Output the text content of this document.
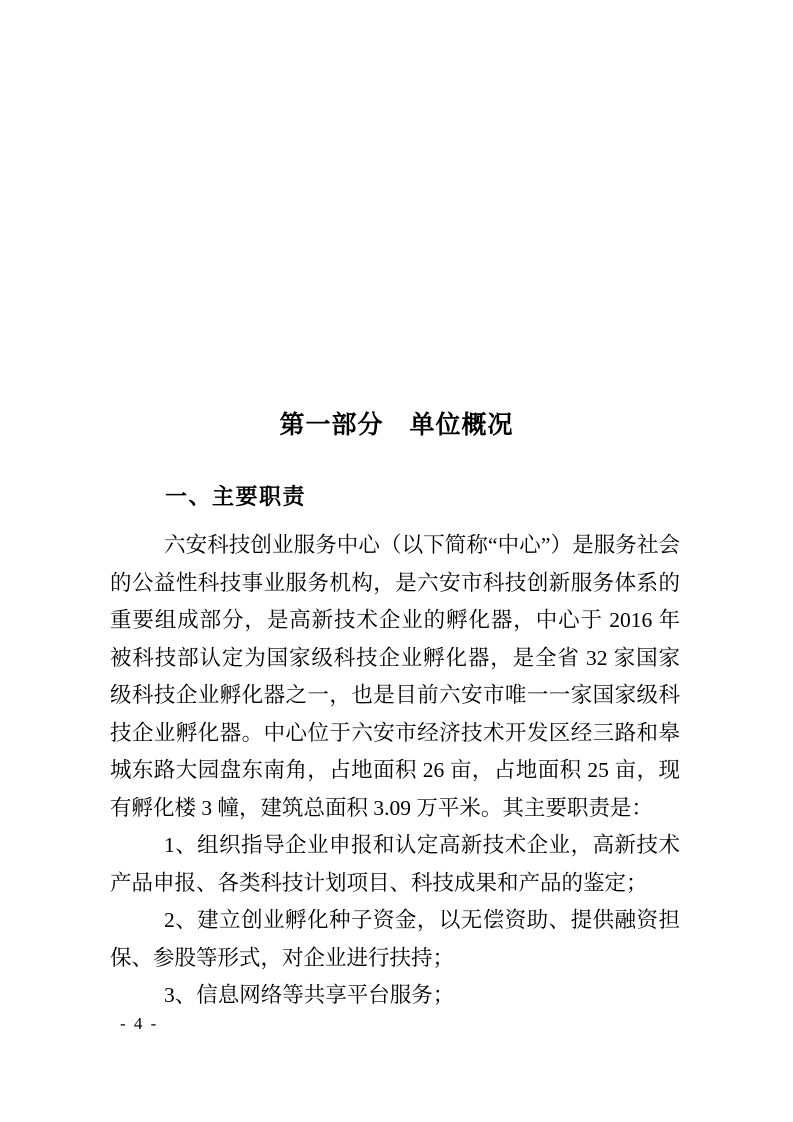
第一部分　单位概况
一、主要职责
六安科技创业服务中心（以下简称“中心”）是服务社会
的公益性科技事业服务机构，是六安市科技创新服务体系的
重要组成部分，是高新技术企业的孵化器，中心于 2016 年
被科技部认定为国家级科技企业孵化器，是全省 32 家国家
级科技企业孵化器之一，也是目前六安市唯一一家国家级科
技企业孵化器。中心位于六安市经济技术开发区经三路和皋
城东路大园盘东南角，占地面积 26 亩，占地面积 25 亩，现
有孵化楼 3 幢，建筑总面积 3.09 万平米。其主要职责是：
1、组织指导企业申报和认定高新技术企业，高新技术
产品申报、各类科技计划项目、科技成果和产品的鉴定；
2、建立创业孵化种子资金，以无偿资助、提供融资担
保、参股等形式，对企业进行扶持；
3、信息网络等共享平台服务；
- 4 -
